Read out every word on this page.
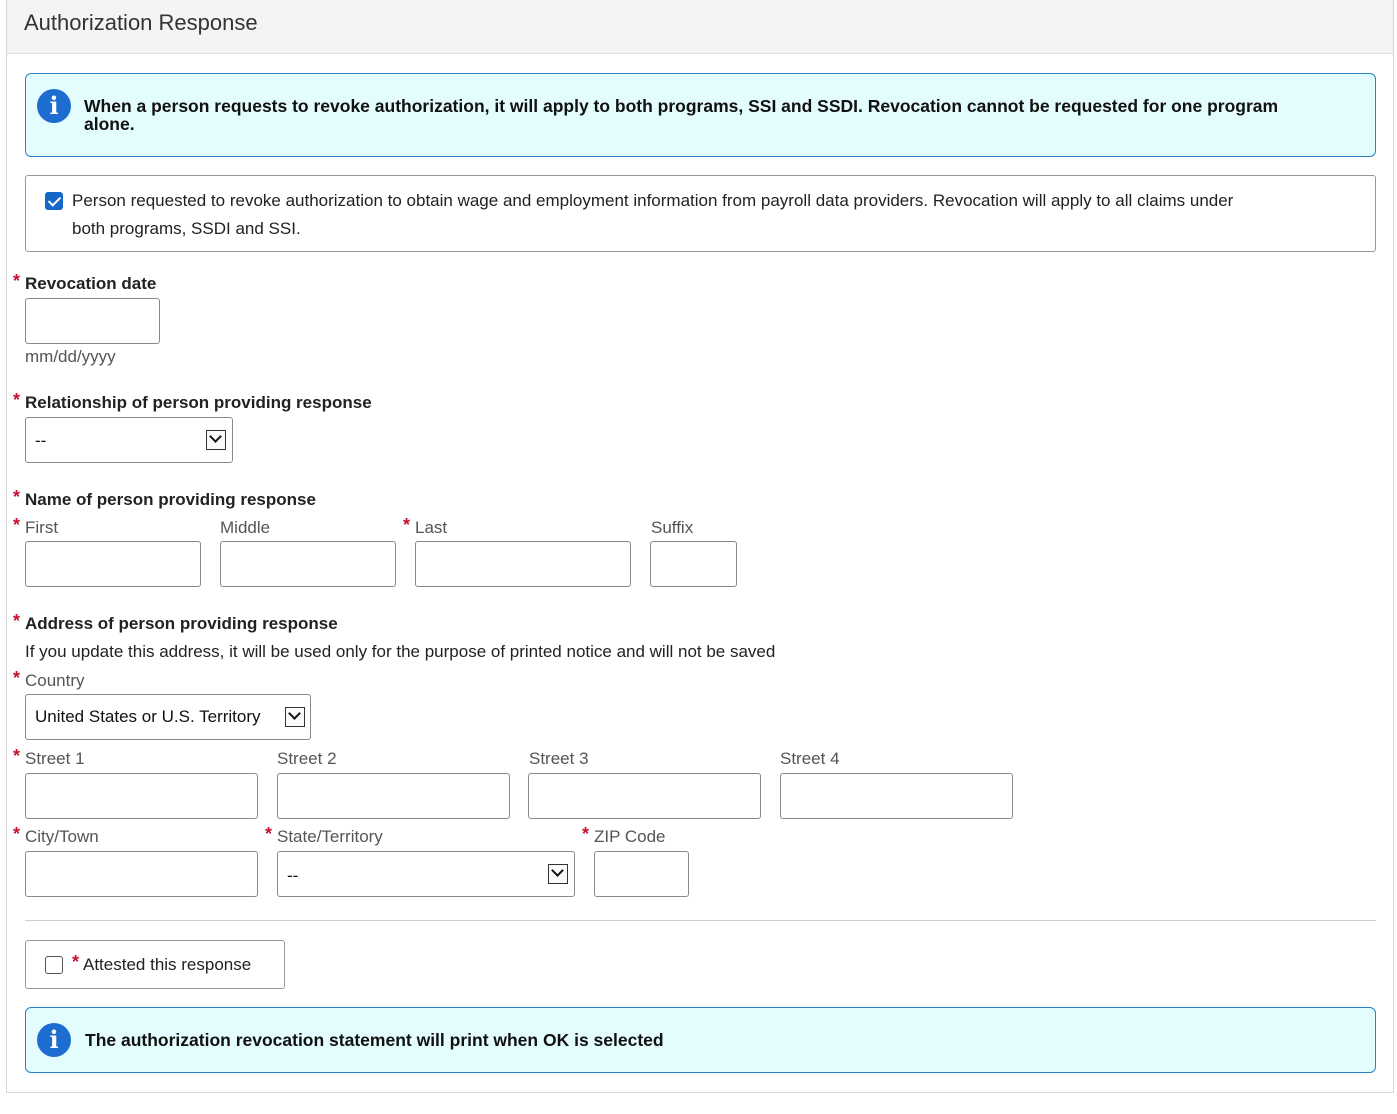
Authorization Response
i	When a person requests to revoke authorization, it will apply to both programs, SSI and SSDI. Revocation cannot be requested for one program
alone.
Person requested to revoke authorization to obtain wage and employment information from payroll data providers. Revocation will apply to all claims under
both programs, SSDI and SSI.
* Revocation date
mm/dd/yyyy
* Relationship of person providing response
--
* Name of person providing response
* First	Middle	* Last	Suffix
* Address of person providing response
If you update this address, it will be used only for the purpose of printed notice and will not be saved
* Country
United States or U.S. Territory
* Street 1	Street 2	Street 3	Street 4
* City/Town	* State/Territory	* ZIP Code
--
* Attested this response
i	The authorization revocation statement will print when OK is selected
